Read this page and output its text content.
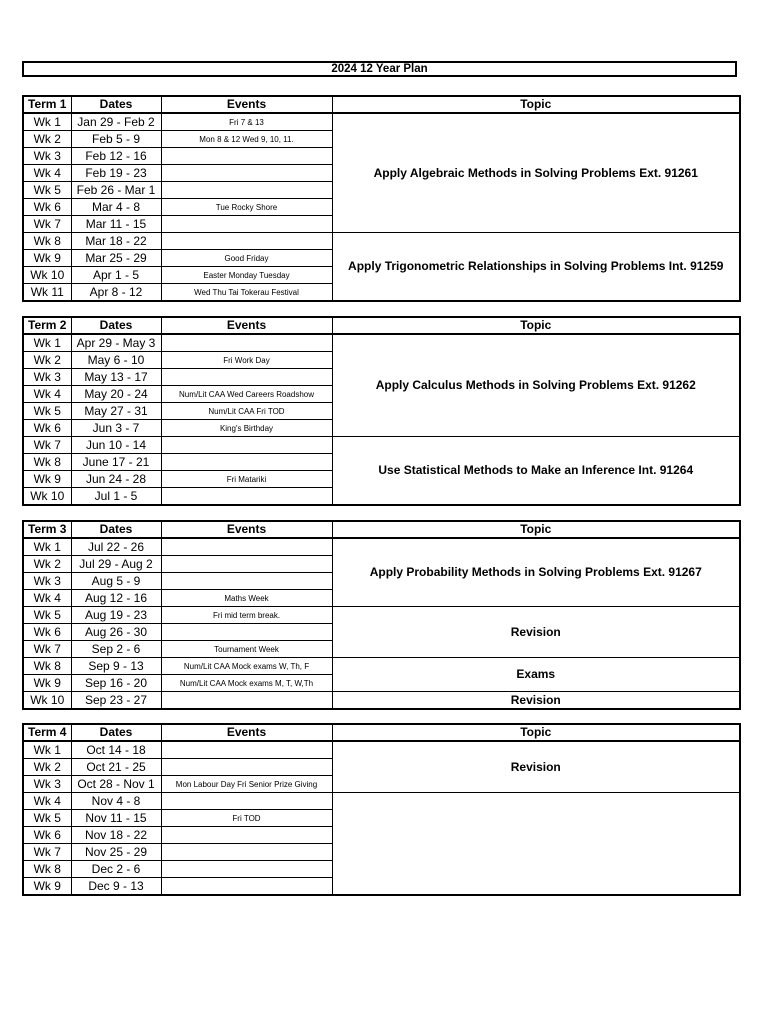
2024 12 Year Plan
Term 1	Dates	Events	Topic
Wk 1	Jan 29 - Feb 2	Fri 7 & 13	Apply Algebraic Methods in Solving Problems Ext. 91261
Wk 2	Feb 5 - 9	Mon 8 & 12 Wed 9, 10, 11.	
Wk 3	Feb 12 - 16		
Wk 4	Feb 19 - 23		
Wk 5	Feb 26 - Mar 1		
Wk 6	Mar 4 - 8	Tue Rocky Shore	
Wk 7	Mar 11 - 15		
Wk 8	Mar 18 - 22		Apply Trigonometric Relationships in Solving Problems Int. 91259
Wk 9	Mar 25 - 29	Good Friday	
Wk 10	Apr 1 - 5	Easter Monday Tuesday	
Wk 11	Apr 8 - 12	Wed Thu Tai Tokerau Festival	
Term 2	Dates	Events	Topic
Wk 1	Apr 29 - May 3		Apply Calculus Methods in Solving Problems Ext. 91262
Wk 2	May 6 - 10	Fri Work Day	
Wk 3	May 13 - 17		
Wk 4	May 20 - 24	Num/Lit CAA Wed Careers Roadshow	
Wk 5	May 27 - 31	Num/Lit CAA Fri TOD	
Wk 6	Jun 3 - 7	King's Birthday	
Wk 7	Jun 10 - 14		Use Statistical Methods to Make an Inference Int. 91264
Wk 8	June 17 - 21		
Wk 9	Jun 24 - 28	Fri Matariki	
Wk 10	Jul 1 - 5		
Term 3	Dates	Events	Topic
Wk 1	Jul 22 - 26		Apply Probability Methods in Solving Problems Ext. 91267
Wk 2	Jul 29 - Aug 2		
Wk 3	Aug 5 - 9		
Wk 4	Aug 12 - 16	Maths Week	
Wk 5	Aug 19 - 23	Fri mid term break.	Revision
Wk 6	Aug 26 - 30		
Wk 7	Sep 2 - 6	Tournament Week	
Wk 8	Sep 9 - 13	Num/Lit CAA Mock exams W, Th, F	Exams
Wk 9	Sep 16 - 20	Num/Lit CAA Mock exams M, T, W,Th	
Wk 10	Sep 23 - 27		Revision
Term 4	Dates	Events	Topic
Wk 1	Oct 14 - 18		Revision
Wk 2	Oct 21 - 25		
Wk 3	Oct 28 - Nov 1	Mon Labour Day Fri Senior Prize Giving	
Wk 4	Nov 4 - 8		
Wk 5	Nov 11 - 15	Fri TOD	
Wk 6	Nov 18 - 22		
Wk 7	Nov 25 - 29		
Wk 8	Dec 2 - 6		
Wk 9	Dec 9 - 13		
